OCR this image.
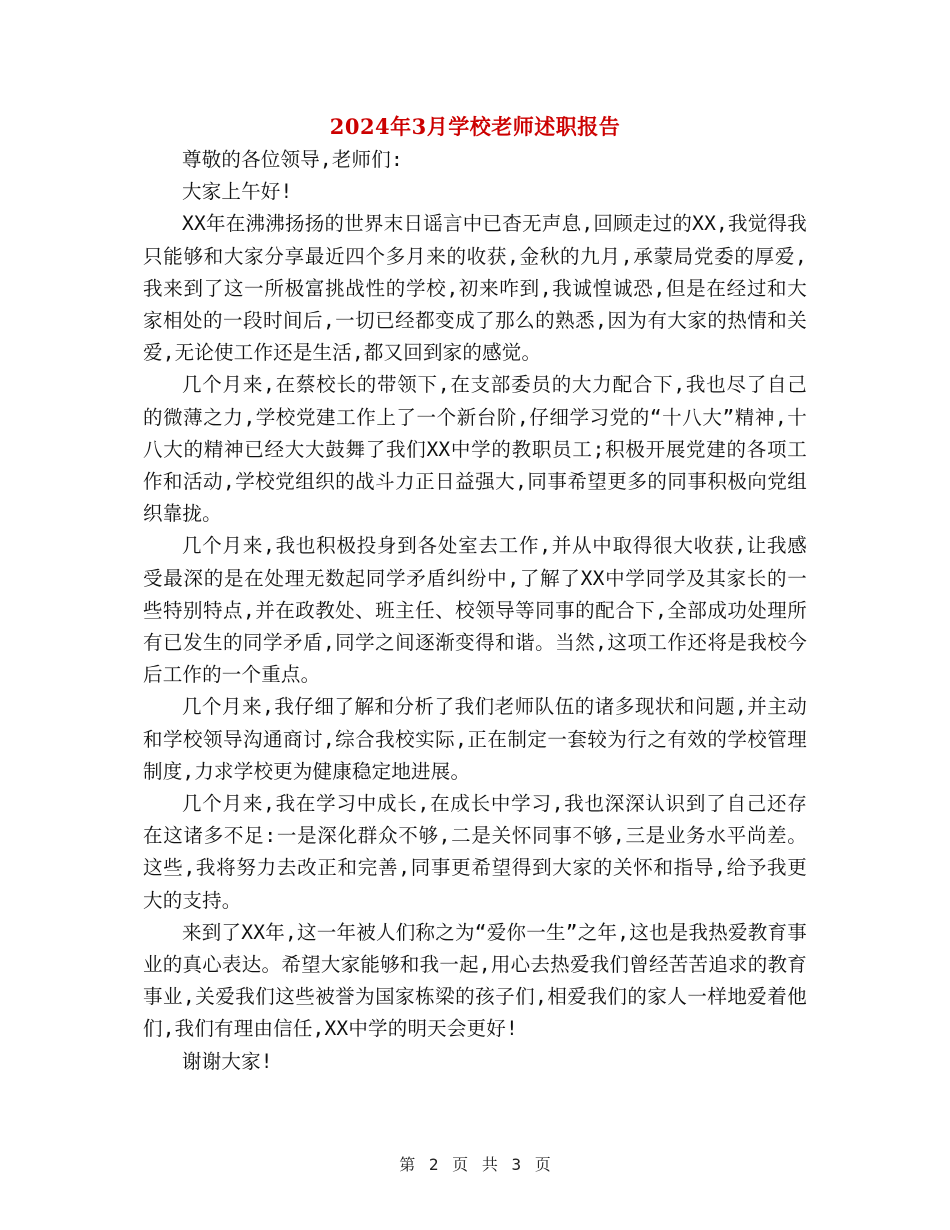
2024年3月学校老师述职报告

尊敬的各位领导,老师们:

大家上午好!

XX年在沸沸扬扬的世界末日谣言中已杳无声息,回顾走过的XX,我觉得我只能够和大家分享最近四个多月来的收获,金秋的九月,承蒙局党委的厚爱,我来到了这一所极富挑战性的学校,初来咋到,我诚惶诚恐,但是在经过和大家相处的一段时间后,一切已经都变成了那么的熟悉,因为有大家的热情和关爱,无论使工作还是生活,都又回到家的感觉。

几个月来,在蔡校长的带领下,在支部委员的大力配合下,我也尽了自己的微薄之力,学校党建工作上了一个新台阶,仔细学习党的“十八大”精神,十八大的精神已经大大鼓舞了我们XX中学的教职员工;积极开展党建的各项工作和活动,学校党组织的战斗力正日益强大,同事希望更多的同事积极向党组织靠拢。

几个月来,我也积极投身到各处室去工作,并从中取得很大收获,让我感受最深的是在处理无数起同学矛盾纠纷中,了解了XX中学同学及其家长的一些特别特点,并在政教处、班主任、校领导等同事的配合下,全部成功处理所有已发生的同学矛盾,同学之间逐渐变得和谐。当然,这项工作还将是我校今后工作的一个重点。

几个月来,我仔细了解和分析了我们老师队伍的诸多现状和问题,并主动和学校领导沟通商讨,综合我校实际,正在制定一套较为行之有效的学校管理制度,力求学校更为健康稳定地进展。

几个月来,我在学习中成长,在成长中学习,我也深深认识到了自己还存在这诸多不足:一是深化群众不够,二是关怀同事不够,三是业务水平尚差。这些,我将努力去改正和完善,同事更希望得到大家的关怀和指导,给予我更大的支持。

来到了XX年,这一年被人们称之为“爱你一生”之年,这也是我热爱教育事业的真心表达。希望大家能够和我一起,用心去热爱我们曾经苦苦追求的教育事业,关爱我们这些被誉为国家栋梁的孩子们,相爱我们的家人一样地爱着他们,我们有理由信任,XX中学的明天会更好!

谢谢大家!

第 2 页 共 3 页
